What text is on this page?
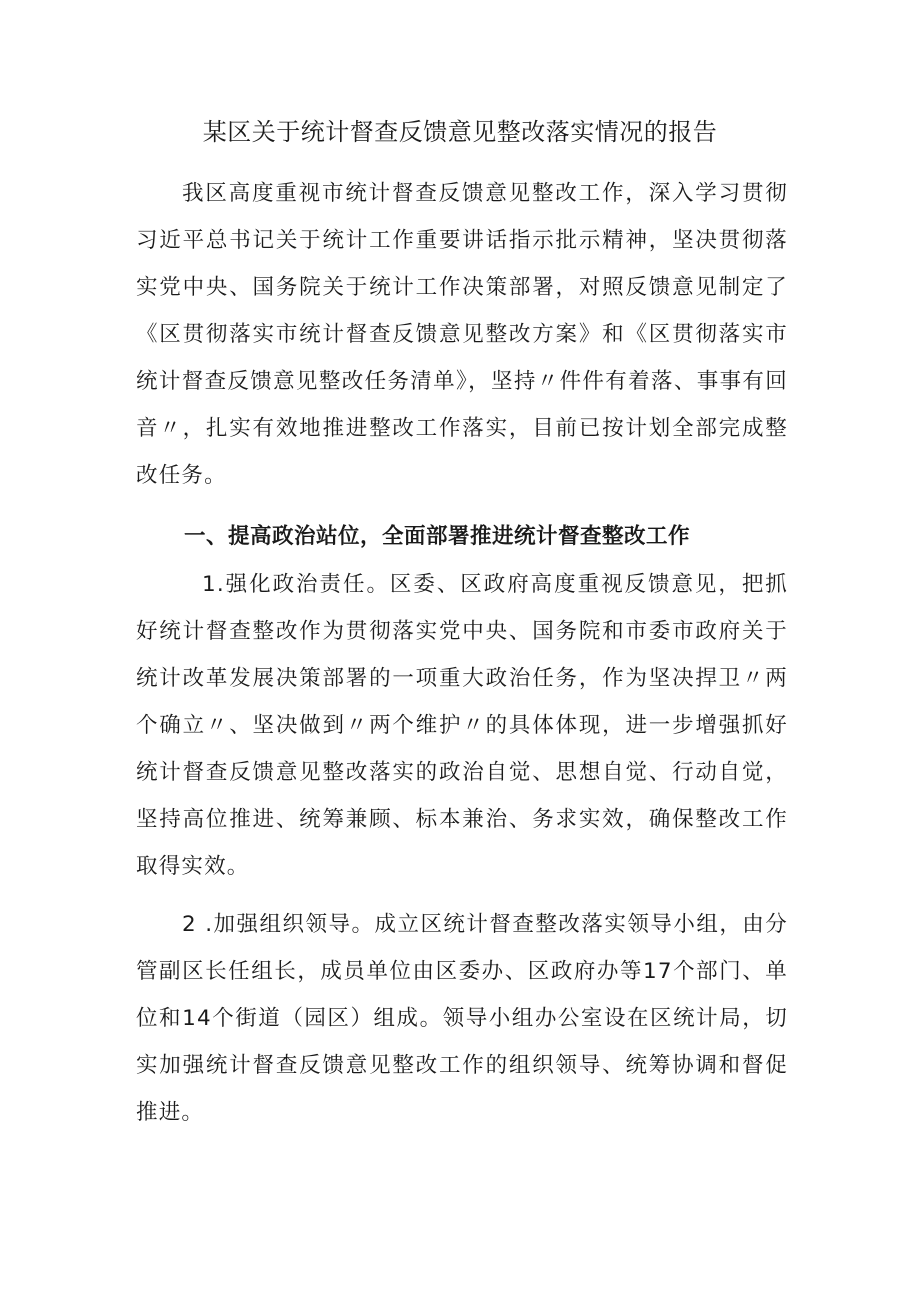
某区关于统计督查反馈意见整改落实情况的报告

我区高度重视市统计督查反馈意见整改工作，深入学习贯彻习近平总书记关于统计工作重要讲话指示批示精神，坚决贯彻落实党中央、国务院关于统计工作决策部署，对照反馈意见制定了《区贯彻落实市统计督查反馈意见整改方案》和《区贯彻落实市统计督查反馈意见整改任务清单》，坚持〃件件有着落、事事有回音〃，扎实有效地推进整改工作落实，目前已按计划全部完成整改任务。

一、提高政治站位，全面部署推进统计督查整改工作

1.强化政治责任。区委、区政府高度重视反馈意见，把抓好统计督查整改作为贯彻落实党中央、国务院和市委市政府关于统计改革发展决策部署的一项重大政治任务，作为坚决捍卫〃两个确立〃、坚决做到〃两个维护〃的具体体现，进一步增强抓好统计督查反馈意见整改落实的政治自觉、思想自觉、行动自觉，坚持高位推进、统筹兼顾、标本兼治、务求实效，确保整改工作取得实效。

2 .加强组织领导。成立区统计督查整改落实领导小组，由分管副区长任组长，成员单位由区委办、区政府办等17个部门、单位和14个街道（园区）组成。领导小组办公室设在区统计局，切实加强统计督查反馈意见整改工作的组织领导、统筹协调和督促推进。
